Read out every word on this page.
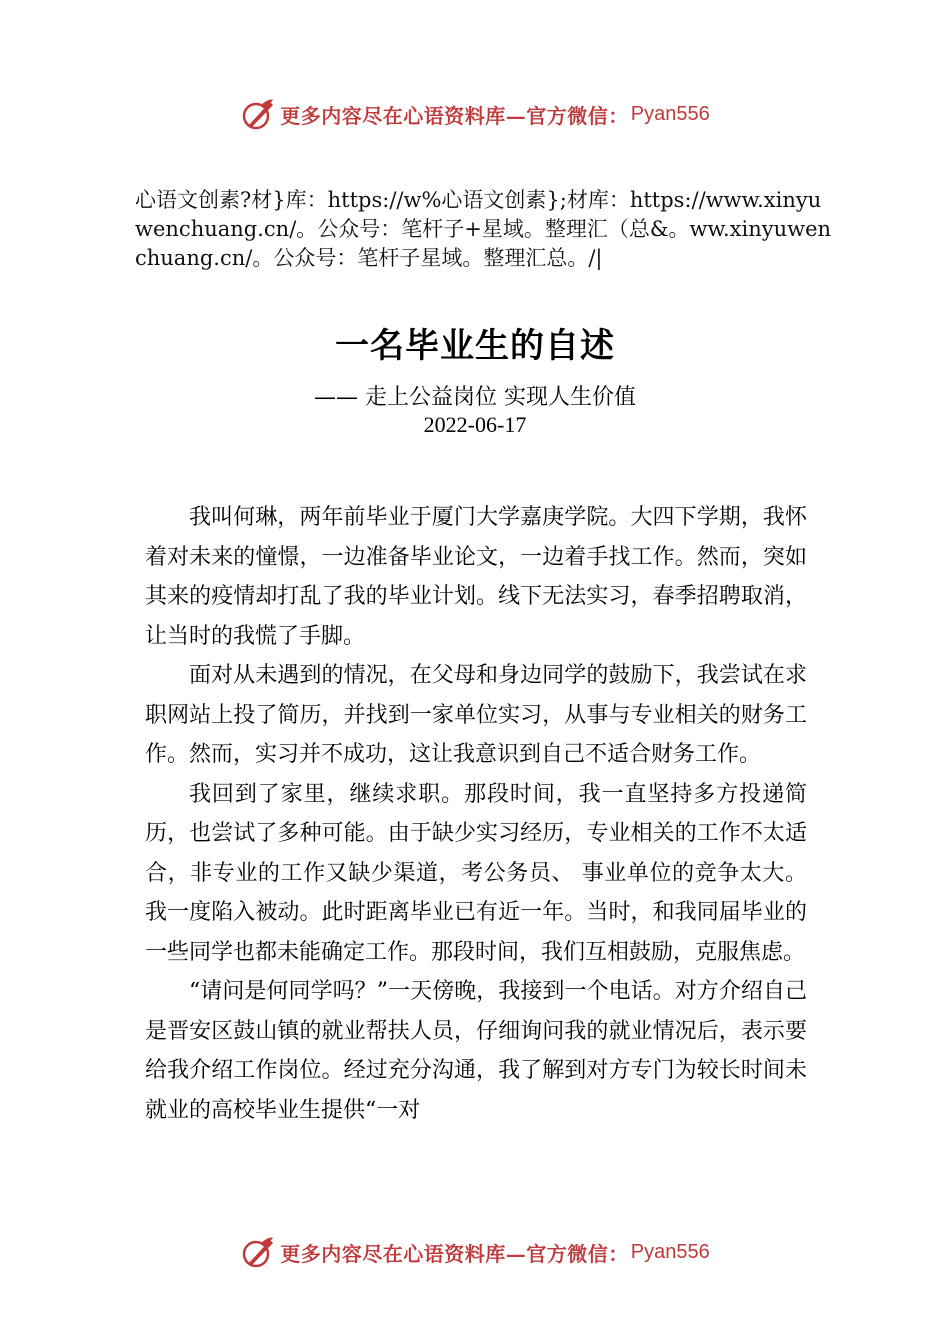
更多内容尽在心语资料库—官方微信： Pyan556
心语文创素?材}库：https://w%心语文创素};材库：https://www.xinyuwenchuang.cn/。公众号：笔杆子+星域。整理汇（总&。ww.xinyuwenchuang.cn/。公众号：笔杆子星域。整理汇总。/|
一名毕业生的自述
—— 走上公益岗位 实现人生价值
2022-06-17

我叫何琳，两年前毕业于厦门大学嘉庚学院。大四下学期，我怀着对未来的憧憬，一边准备毕业论文，一边着手找工作。然而，突如其来的疫情却打乱了我的毕业计划。线下无法实习，春季招聘取消，让当时的我慌了手脚。

面对从未遇到的情况，在父母和身边同学的鼓励下，我尝试在求职网站上投了简历，并找到一家单位实习，从事与专业相关的财务工作。然而，实习并不成功，这让我意识到自己不适合财务工作。

我回到了家里，继续求职。那段时间，我一直坚持多方投递简历，也尝试了多种可能。由于缺少实习经历，专业相关的工作不太适合，非专业的工作又缺少渠道，考公务员、 事业单位的竞争太大。我一度陷入被动。此时距离毕业已有近一年。当时，和我同届毕业的一些同学也都未能确定工作。那段时间，我们互相鼓励，克服焦虑。

“请问是何同学吗？”一天傍晚，我接到一个电话。对方介绍自己是晋安区鼓山镇的就业帮扶人员，仔细询问我的就业情况后，表示要给我介绍工作岗位。经过充分沟通，我了解到对方专门为较长时间未就业的高校毕业生提供“一对

更多内容尽在心语资料库—官方微信： Pyan556
